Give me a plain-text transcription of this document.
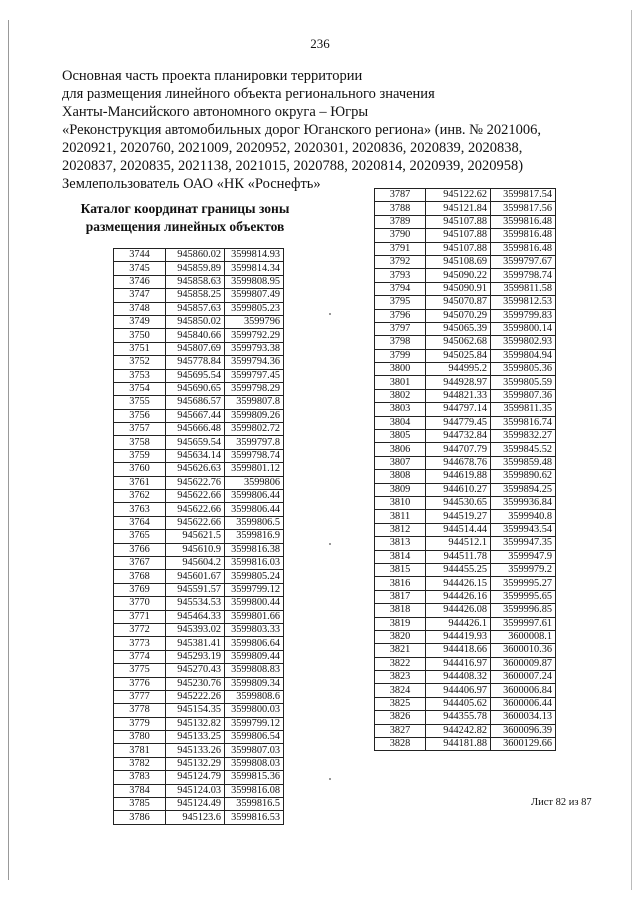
236
Основная часть проекта планировки территории
для размещения линейного объекта регионального значения
Ханты-Мансийского автономного округа – Югры
«Реконструкция автомобильных дорог Юганского региона» (инв. № 2021006,
2020921, 2020760, 2021009, 2020952, 2020301, 2020836, 2020839, 2020838,
2020837, 2020835, 2021138, 2021015, 2020788, 2020814, 2020939, 2020958)
Землепользователь ОАО «НК «Роснефть»
Каталог координат границы зоны
размещения линейных объектов
3744	945860.02	3599814.93
3745	945859.89	3599814.34
3746	945858.63	3599808.95
3747	945858.25	3599807.49
3748	945857.63	3599805.23
3749	945850.02	3599796
3750	945840.66	3599792.29
3751	945807.69	3599793.38
3752	945778.84	3599794.36
3753	945695.54	3599797.45
3754	945690.65	3599798.29
3755	945686.57	3599807.8
3756	945667.44	3599809.26
3757	945666.48	3599802.72
3758	945659.54	3599797.8
3759	945634.14	3599798.74
3760	945626.63	3599801.12
3761	945622.76	3599806
3762	945622.66	3599806.44
3763	945622.66	3599806.44
3764	945622.66	3599806.5
3765	945621.5	3599816.9
3766	945610.9	3599816.38
3767	945604.2	3599816.03
3768	945601.67	3599805.24
3769	945591.57	3599799.12
3770	945534.53	3599800.44
3771	945464.33	3599801.66
3772	945393.02	3599803.33
3773	945381.41	3599806.64
3774	945293.19	3599809.44
3775	945270.43	3599808.83
3776	945230.76	3599809.34
3777	945222.26	3599808.6
3778	945154.35	3599800.03
3779	945132.82	3599799.12
3780	945133.25	3599806.54
3781	945133.26	3599807.03
3782	945132.29	3599808.03
3783	945124.79	3599815.36
3784	945124.03	3599816.08
3785	945124.49	3599816.5
3786	945123.6	3599816.53
3787	945122.62	3599817.54
3788	945121.84	3599817.56
3789	945107.88	3599816.48
3790	945107.88	3599816.48
3791	945107.88	3599816.48
3792	945108.69	3599797.67
3793	945090.22	3599798.74
3794	945090.91	3599811.58
3795	945070.87	3599812.53
3796	945070.29	3599799.83
3797	945065.39	3599800.14
3798	945062.68	3599802.93
3799	945025.84	3599804.94
3800	944995.2	3599805.36
3801	944928.97	3599805.59
3802	944821.33	3599807.36
3803	944797.14	3599811.35
3804	944779.45	3599816.74
3805	944732.84	3599832.27
3806	944707.79	3599845.52
3807	944678.76	3599859.48
3808	944619.88	3599890.62
3809	944610.27	3599894.25
3810	944530.65	3599936.84
3811	944519.27	3599940.8
3812	944514.44	3599943.54
3813	944512.1	3599947.35
3814	944511.78	3599947.9
3815	944455.25	3599979.2
3816	944426.15	3599995.27
3817	944426.16	3599995.65
3818	944426.08	3599996.85
3819	944426.1	3599997.61
3820	944419.93	3600008.1
3821	944418.66	3600010.36
3822	944416.97	3600009.87
3823	944408.32	3600007.24
3824	944406.97	3600006.84
3825	944405.62	3600006.44
3826	944355.78	3600034.13
3827	944242.82	3600096.39
3828	944181.88	3600129.66
Лист 82 из 87
